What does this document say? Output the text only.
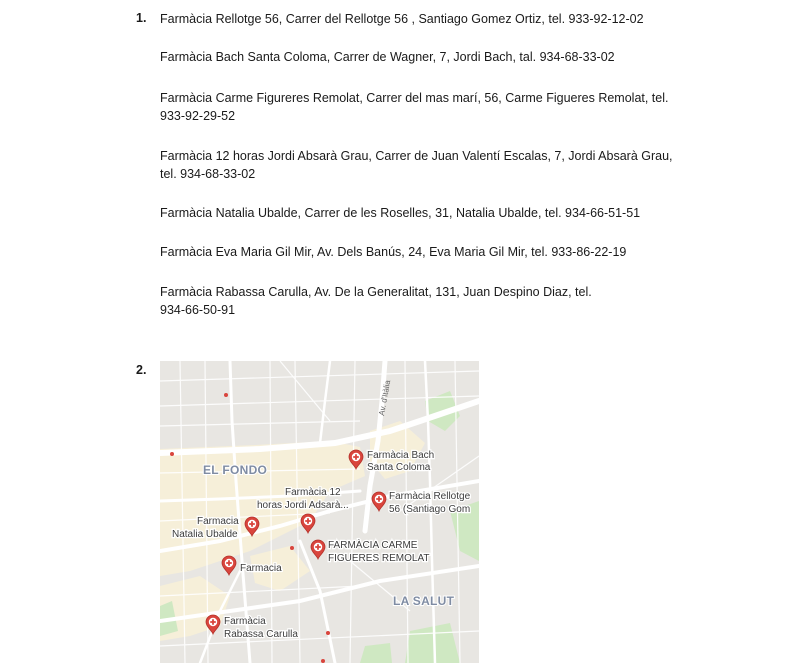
1. Farmàcia Rellotge 56, Carrer del Rellotge 56 , Santiago Gomez Ortiz, tel. 933-92-12-02
Farmàcia Bach Santa Coloma, Carrer de Wagner, 7, Jordi Bach, tal. 934-68-33-02
Farmàcia Carme Figureres Remolat, Carrer del mas marí, 56, Carme Figueres Remolat, tel. 933-92-29-52
Farmàcia 12 horas Jordi Absarà Grau, Carrer de Juan Valentí Escalas, 7, Jordi Absarà Grau, tel. 934-68-33-02
Farmàcia Natalia Ubalde, Carrer de les Roselles, 31, Natalia Ubalde, tel. 934-66-51-51
Farmàcia Eva Maria Gil Mir, Av. Dels Banús, 24, Eva Maria Gil Mir, tel. 933-86-22-19
Farmàcia Rabassa Carulla, Av. De la Generalitat, 131, Juan Despino Diaz, tel. 934-66-50-91
2.
Av. d'Itàlia
EL FONDO
LA SALUT
Farmàcia Bach
Santa Coloma
Farmàcia 12
horas Jordi Adsarà...
Farmàcia Rellotge
56 (Santiago Gom
Farmacia
Natalia Ubalde
FARMÀCIA CARME
FIGUERES REMOLAT
Farmacia
Farmàcia
Rabassa Carulla
